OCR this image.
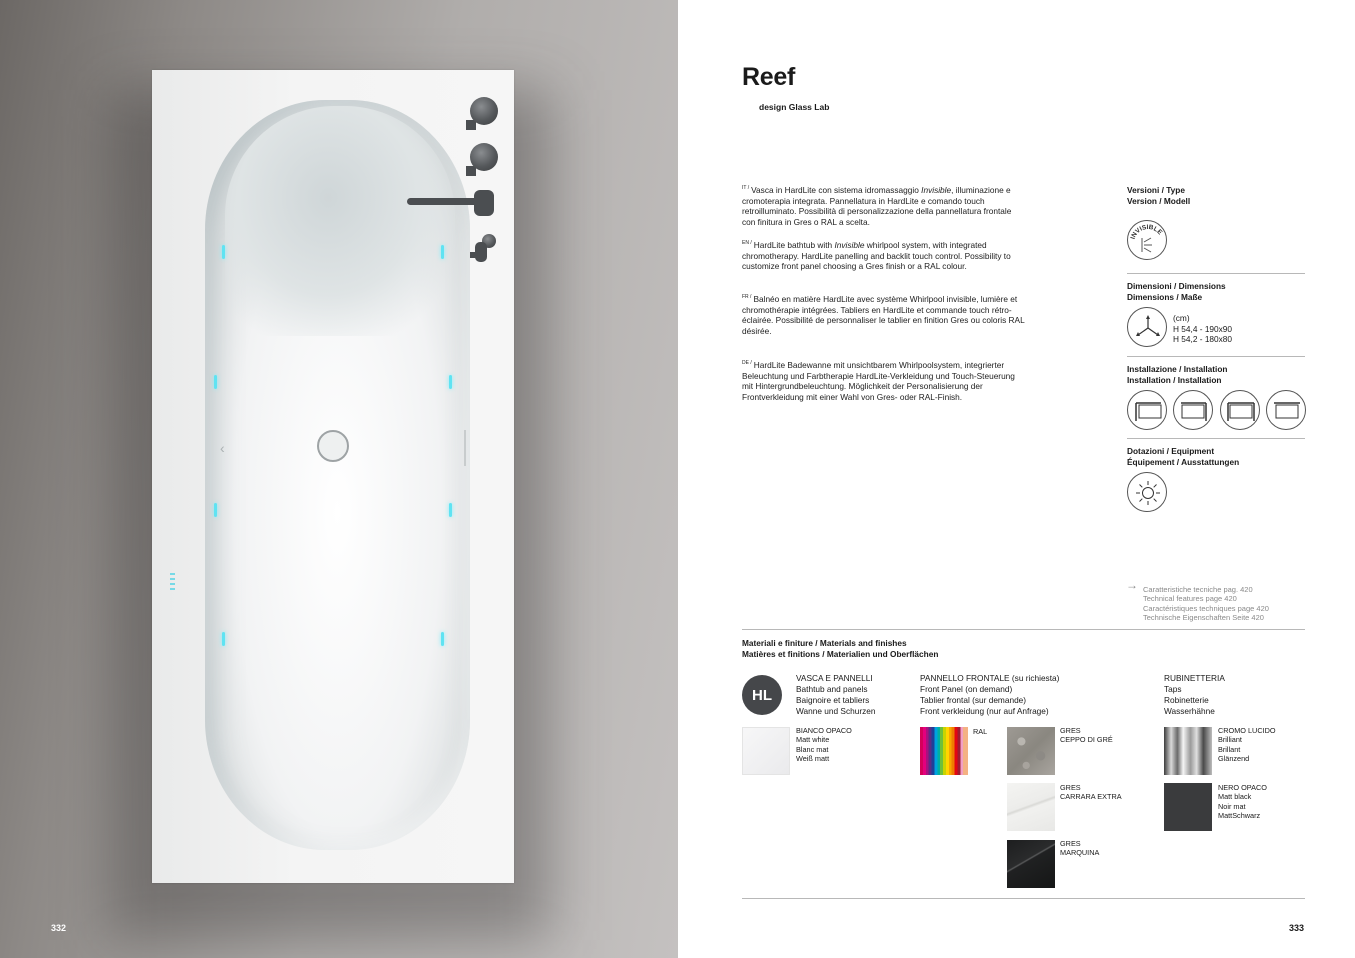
‹
332
Reef
design Glass Lab
$^{IT /}$ Vasca in HardLite con sistema idromassaggio Invisible, illuminazione e cromoterapia integrata. Pannellatura in HardLite e comando touch retroilluminato. Possibilità di personalizzazione della pannellatura frontale con finitura in Gres o RAL a scelta.
$^{EN /}$ HardLite bathtub with Invisible whirlpool system, with integrated chromotherapy. HardLite panelling and backlit touch control. Possibility to customize front panel choosing a Gres finish or a RAL colour.
$^{FR /}$ Balnéo en matière HardLite avec système Whirlpool invisible, lumière et chromothérapie intégrées. Tabliers en HardLite et commande touch rétro-éclairée. Possibilité de personnaliser le tablier en finition Gres ou coloris RAL désirée.
$^{DE /}$ HardLite Badewanne mit unsichtbarem Whirlpoolsystem, integrierter Beleuchtung und Farbtherapie HardLite-Verkleidung und Touch-Steuerung mit Hintergrundbeleuchtung. Möglichkeit der Personalisierung der Frontverkleidung mit einer Wahl von Gres- oder RAL-Finish.
Versioni / Type
Version / Modell
INVISIBLE
Dimensioni / Dimensions
Dimensions / Maße
(cm)
H 54,4 - 190x90
H 54,2 - 180x80
Installazione / Installation
Installation / Installation
Dotazioni / Equipment
Équipement / Ausstattungen
→ Caratteristiche tecniche pag. 420
Technical features page 420
Caractéristiques techniques page 420
Technische Eigenschaften Seite 420
Materiali e finiture / Materials and finishes
Matières et finitions / Materialien und Oberflächen
HL
VASCA E PANNELLI
Bathtub and panels
Baignoire et tabliers
Wanne und Schurzen
PANNELLO FRONTALE (su richiesta)
Front Panel (on demand)
Tablier frontal (sur demande)
Front verkleidung (nur auf Anfrage)
RUBINETTERIA
Taps
Robinetterie
Wasserhähne
BIANCO OPACO
Matt white
Blanc mat
Weiß matt
RAL	GRES
CEPPO DI GRÉ
GRES
CARRARA EXTRA
GRES
MARQUINA
CROMO LUCIDO
Brilliant
Brillant
Glänzend
NERO OPACO
Matt black
Noir mat
MattSchwarz
333
